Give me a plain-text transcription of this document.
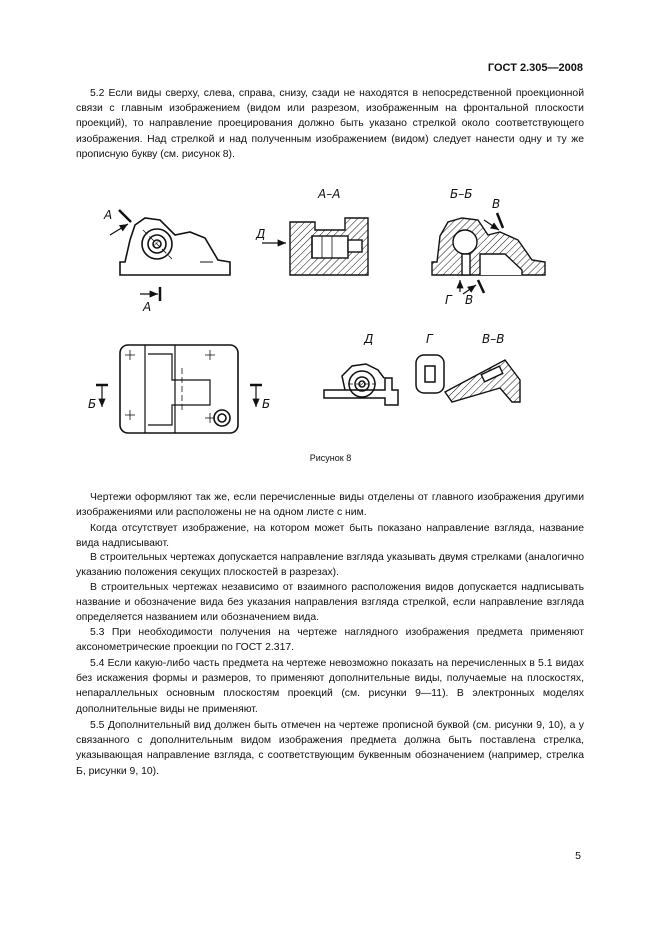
ГОСТ 2.305—2008

5.2 Если виды сверху, слева, справа, снизу, сзади не находятся в непосредственной проекционной связи с главным изображением (видом или разрезом, изображенным на фронтальной плоскости проекций), то направление проецирования должно быть указано стрелкой около соответствующего изображения. Над стрелкой и над полученным изображением (видом) следует нанести одну и ту же прописную букву (см. рисунок 8).

А
А
А–А
Д
Б–Б
В
Г В
Б	Б
Д	Г	В–В
Рисунок 8

Чертежи оформляют так же, если перечисленные виды отделены от главного изображения другими изображениями или расположены не на одном листе с ним.

Когда отсутствует изображение, на котором может быть показано направление взгляда, название вида надписывают.

В строительных чертежах допускается направление взгляда указывать двумя стрелками (аналогично указанию положения секущих плоскостей в разрезах).

В строительных чертежах независимо от взаимного расположения видов допускается надписывать название и обозначение вида без указания направления взгляда стрелкой, если направление взгляда определяется названием или обозначением вида.

5.3 При необходимости получения на чертеже наглядного изображения предмета применяют аксонометрические проекции по ГОСТ 2.317.

5.4 Если какую-либо часть предмета на чертеже невозможно показать на перечисленных в 5.1 видах без искажения формы и размеров, то применяют дополнительные виды, получаемые на плоскостях, непараллельных основным плоскостям проекций (см. рисунки 9—11). В электронных моделях дополнительные виды не применяют.

5.5 Дополнительный вид должен быть отмечен на чертеже прописной буквой (см. рисунки 9, 10), а у связанного с дополнительным видом изображения предмета должна быть поставлена стрелка, указывающая направление взгляда, с соответствующим буквенным обозначением (например, стрелка Б, рисунки 9, 10).

5
